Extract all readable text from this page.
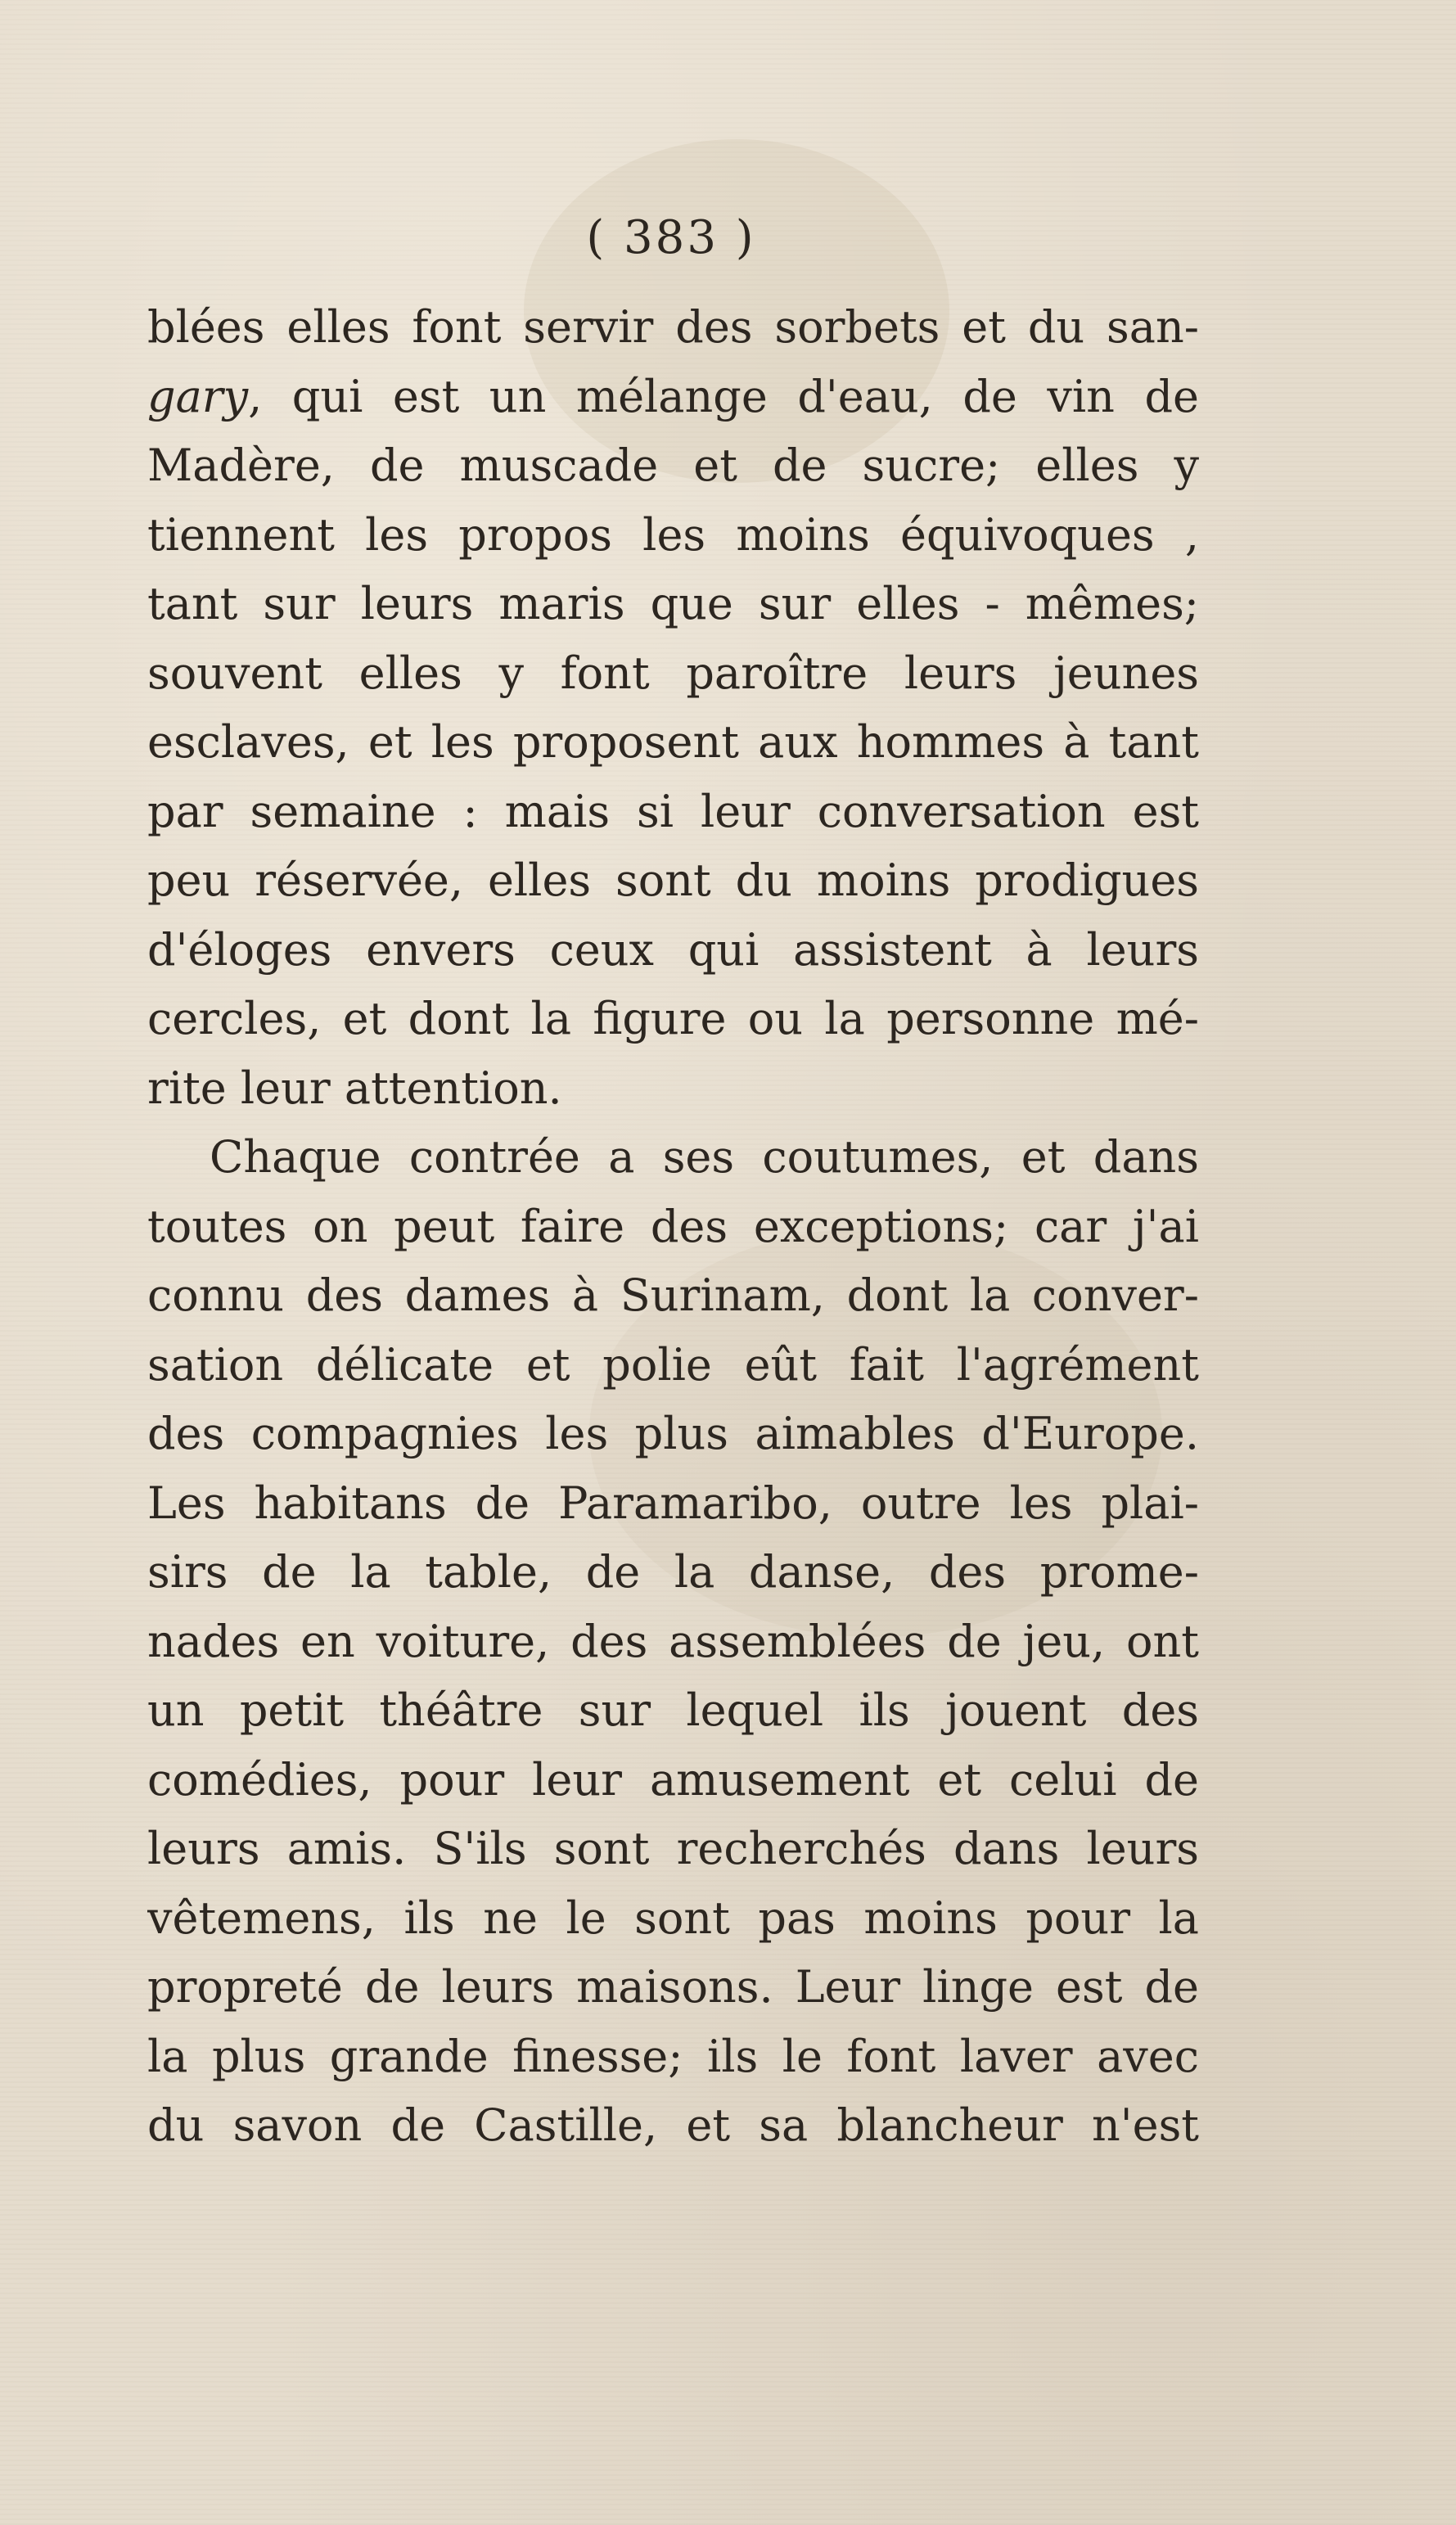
( 383 )
blées elles font servir des sorbets et du san-
gary, qui est un mélange d'eau, de vin de
Madère, de muscade et de sucre; elles y
tiennent les propos les moins équivoques ,
tant sur leurs maris que sur elles - mêmes;
souvent elles y font paroître leurs jeunes
esclaves, et les proposent aux hommes à tant
par semaine : mais si leur conversation est
peu réservée, elles sont du moins prodigues
d'éloges envers ceux qui assistent à leurs
cercles, et dont la figure ou la personne mé-
rite leur attention.
Chaque contrée a ses coutumes, et dans
toutes on peut faire des exceptions; car j'ai
connu des dames à Surinam, dont la conver-
sation délicate et polie eût fait l'agrément
des compagnies les plus aimables d'Europe.
Les habitans de Paramaribo, outre les plai-
sirs de la table, de la danse, des prome-
nades en voiture, des assemblées de jeu, ont
un petit théâtre sur lequel ils jouent des
comédies, pour leur amusement et celui de
leurs amis. S'ils sont recherchés dans leurs
vêtemens, ils ne le sont pas moins pour la
propreté de leurs maisons. Leur linge est de
la plus grande finesse; ils le font laver avec
du savon de Castille, et sa blancheur n'est
